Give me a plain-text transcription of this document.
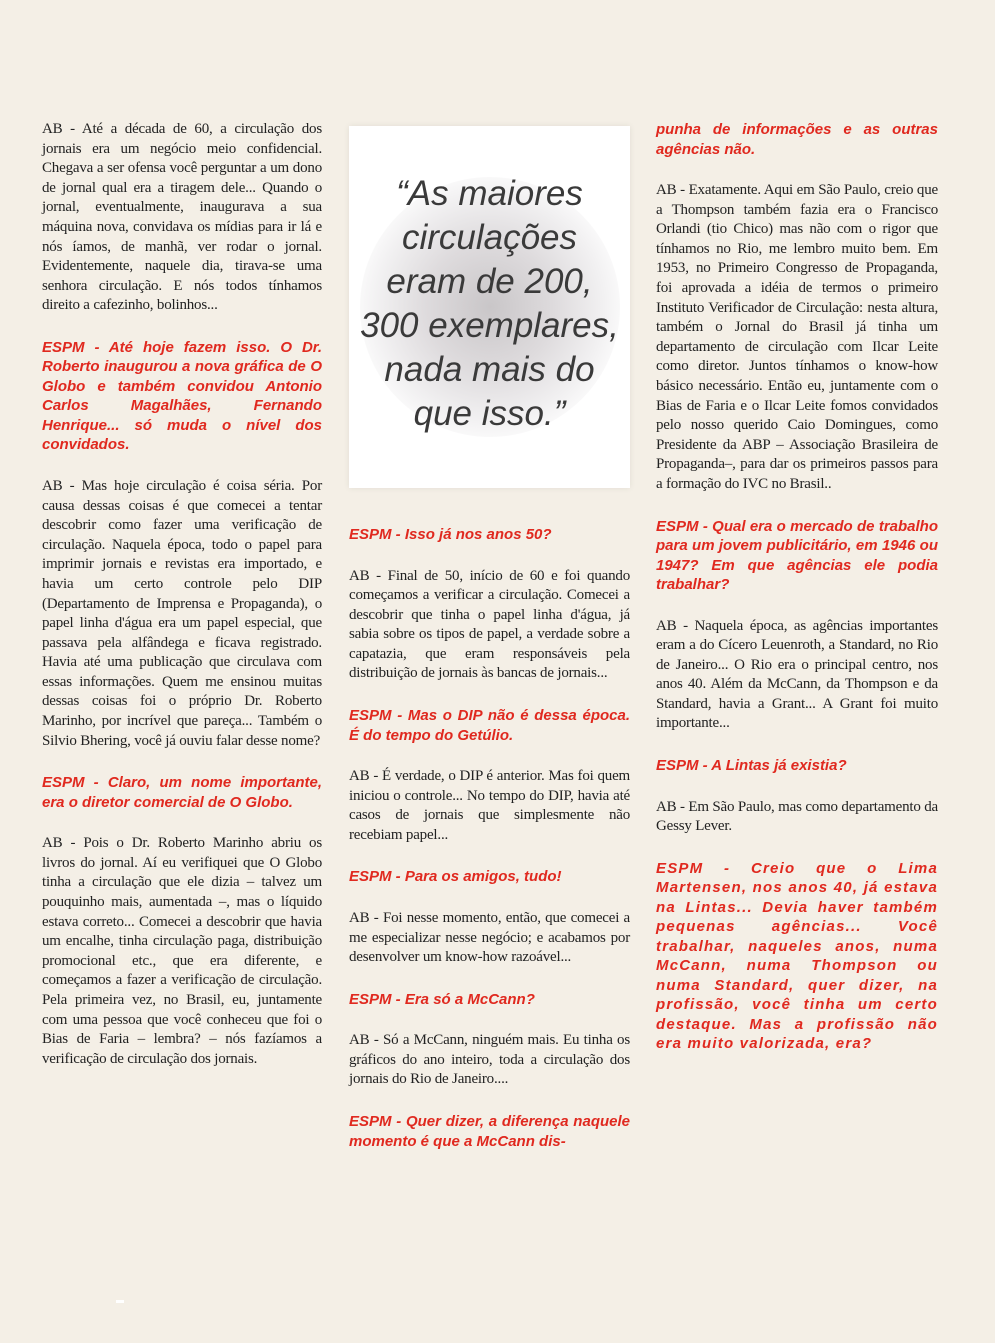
AB - Até a década de 60, a circulação dos jornais era um negócio meio confidencial. Chegava a ser ofensa você perguntar a um dono de jornal qual era a tiragem dele... Quando o jornal, eventualmente, inaugurava a sua máquina nova, convidava os mídias para ir lá e nós íamos, de manhã, ver rodar o jornal. Evidentemente, naquele dia, tirava-se uma senhora circulação. E nós todos tínhamos direito a cafezinho, bolinhos...

ESPM - Até hoje fazem isso. O Dr. Roberto inaugurou a nova gráfica de O Globo e também convidou Antonio Carlos Magalhães, Fernando Henrique... só muda o nível dos convidados.

AB - Mas hoje circulação é coisa séria. Por causa dessas coisas é que comecei a tentar descobrir como fazer uma verificação de circulação. Naquela época, todo o papel para imprimir jornais e revistas era importado, e havia um certo controle pelo DIP (Departamento de Imprensa e Propaganda), o papel linha d'água era um papel especial, que passava pela alfândega e ficava registrado. Havia até uma publicação que circulava com essas informações. Quem me ensinou muitas dessas coisas foi o próprio Dr. Roberto Marinho, por incrível que pareça... Também o Silvio Bhering, você já ouviu falar desse nome?

ESPM - Claro, um nome importante, era o diretor comercial de O Globo.

AB - Pois o Dr. Roberto Marinho abriu os livros do jornal. Aí eu verifiquei que O Globo tinha a circulação que ele dizia – talvez um pouquinho mais, aumentada –, mas o líquido estava correto... Comecei a descobrir que havia um encalhe, tinha circulação paga, distribuição promocional etc., que era diferente, e começamos a fazer a verificação de circulação. Pela primeira vez, no Brasil, eu, juntamente com uma pessoa que você conheceu que foi o Bias de Faria – lembra? – nós fazíamos a verificação de circulação dos jornais.

“As maiores
circulações
eram de 200,
300 exemplares,
nada mais do
que isso.”

ESPM - Isso já nos anos 50?

AB - Final de 50, início de 60 e foi quando começamos a verificar a circulação. Comecei a descobrir que tinha o papel linha d'água, já sabia sobre os tipos de papel, a verdade sobre a capatazia, que eram responsáveis pela distribuição de jornais às bancas de jornais...

ESPM - Mas o DIP não é dessa época. É do tempo do Getúlio.

AB - É verdade, o DIP é anterior. Mas foi quem iniciou o controle... No tempo do DIP, havia até casos de jornais que simplesmente não recebiam papel...

ESPM - Para os amigos, tudo!

AB - Foi nesse momento, então, que comecei a me especializar nesse negócio; e acabamos por desenvolver um know-how razoável...

ESPM - Era só a McCann?

AB - Só a McCann, ninguém mais. Eu tinha os gráficos do ano inteiro, toda a circulação dos jornais do Rio de Janeiro....

ESPM - Quer dizer, a diferença naquele momento é que a McCann dis-

punha de informações e as outras agências não.

AB - Exatamente. Aqui em São Paulo, creio que a Thompson também fazia era o Francisco Orlandi (tio Chico) mas não com o rigor que tínhamos no Rio, me lembro muito bem. Em 1953, no Primeiro Congresso de Propaganda, foi aprovada a idéia de termos o primeiro Instituto Verificador de Circulação: nesta altura, também o Jornal do Brasil já tinha um departamento de circulação com Ilcar Leite como diretor. Juntos tínhamos o know-how básico necessário. Então eu, juntamente com o Bias de Faria e o Ilcar Leite fomos convidados pelo nosso querido Caio Domingues, como Presidente da ABP – Associação Brasileira de Propaganda–, para dar os primeiros passos para a formação do IVC no Brasil..

ESPM - Qual era o mercado de trabalho para um jovem publicitário, em 1946 ou 1947? Em que agências ele podia trabalhar?

AB - Naquela época, as agências importantes eram a do Cícero Leuenroth, a Standard, no Rio de Janeiro... O Rio era o principal centro, nos anos 40. Além da McCann, da Thompson e da Standard, havia a Grant... A Grant foi muito importante...

ESPM - A Lintas já existia?

AB - Em São Paulo, mas como departamento da Gessy Lever.

ESPM - Creio que o Lima Martensen, nos anos 40, já estava na Lintas... Devia haver também pequenas agências... Você trabalhar, naqueles anos, numa McCann, numa Thompson ou numa Standard, quer dizer, na profissão, você tinha um certo destaque. Mas a profissão não era muito valorizada, era?
